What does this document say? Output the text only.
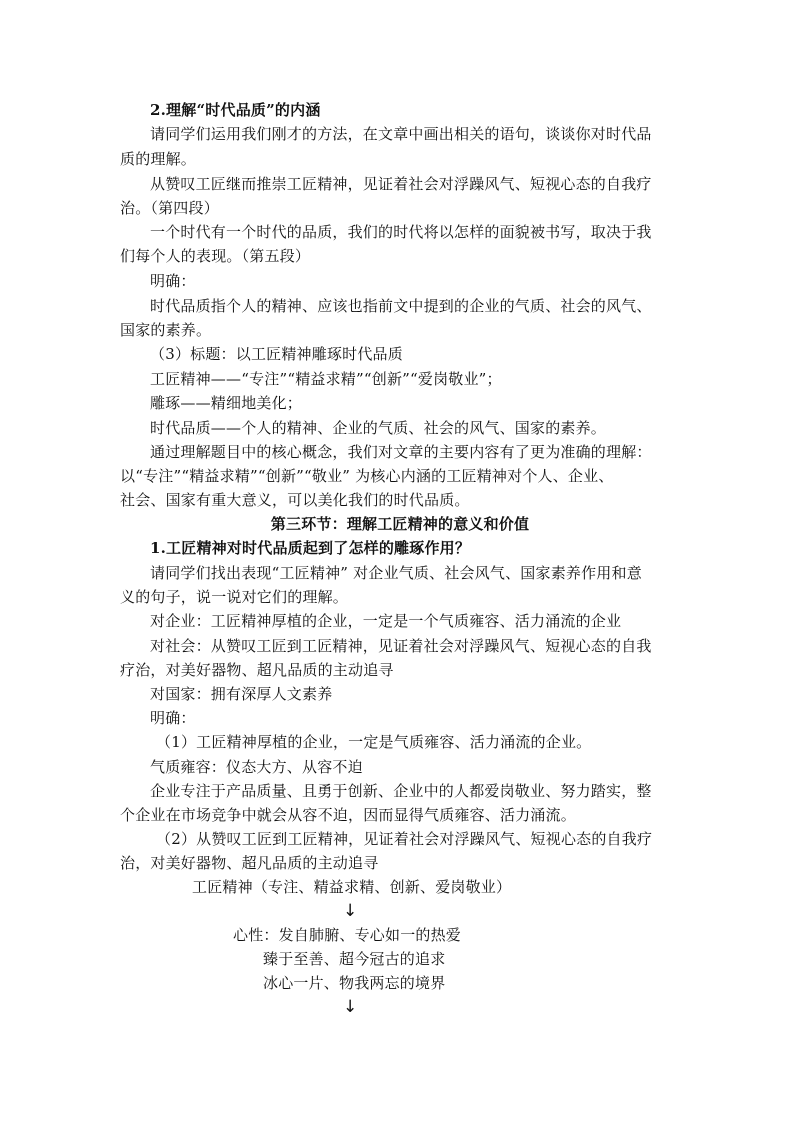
2.理解“时代品质”的内涵
请同学们运用我们刚才的方法，在文章中画出相关的语句，谈谈你对时代品
质的理解。
从赞叹工匠继而推崇工匠精神，见证着社会对浮躁风气、短视心态的自我疗
治。（第四段）
一个时代有一个时代的品质，我们的时代将以怎样的面貌被书写，取决于我
们每个人的表现。（第五段）
明确：
时代品质指个人的精神、应该也指前文中提到的企业的气质、社会的风气、
国家的素养。
（3）标题：以工匠精神雕琢时代品质
工匠精神——“专注”“精益求精”“创新”“爱岗敬业”；
雕琢——精细地美化；
时代品质——个人的精神、企业的气质、社会的风气、国家的素养。
通过理解题目中的核心概念，我们对文章的主要内容有了更为准确的理解：
以“专注”“精益求精”“创新”“敬业” 为核心内涵的工匠精神对个人、企业、
社会、国家有重大意义，可以美化我们的时代品质。
第三环节：理解工匠精神的意义和价值
1.工匠精神对时代品质起到了怎样的雕琢作用？
请同学们找出表现“工匠精神” 对企业气质、社会风气、国家素养作用和意
义的句子，说一说对它们的理解。
对企业：工匠精神厚植的企业，一定是一个气质雍容、活力涌流的企业
对社会：从赞叹工匠到工匠精神，见证着社会对浮躁风气、短视心态的自我
疗治，对美好器物、超凡品质的主动追寻
对国家：拥有深厚人文素养
明确：
（1）工匠精神厚植的企业，一定是气质雍容、活力涌流的企业。
气质雍容：仪态大方、从容不迫
企业专注于产品质量、且勇于创新、企业中的人都爱岗敬业、努力踏实，整
个企业在市场竞争中就会从容不迫，因而显得气质雍容、活力涌流。
（2）从赞叹工匠到工匠精神，见证着社会对浮躁风气、短视心态的自我疗
治，对美好器物、超凡品质的主动追寻
工匠精神（专注、精益求精、创新、爱岗敬业）
↓
心性：发自肺腑、专心如一的热爱
臻于至善、超今冠古的追求
冰心一片、物我两忘的境界
↓
